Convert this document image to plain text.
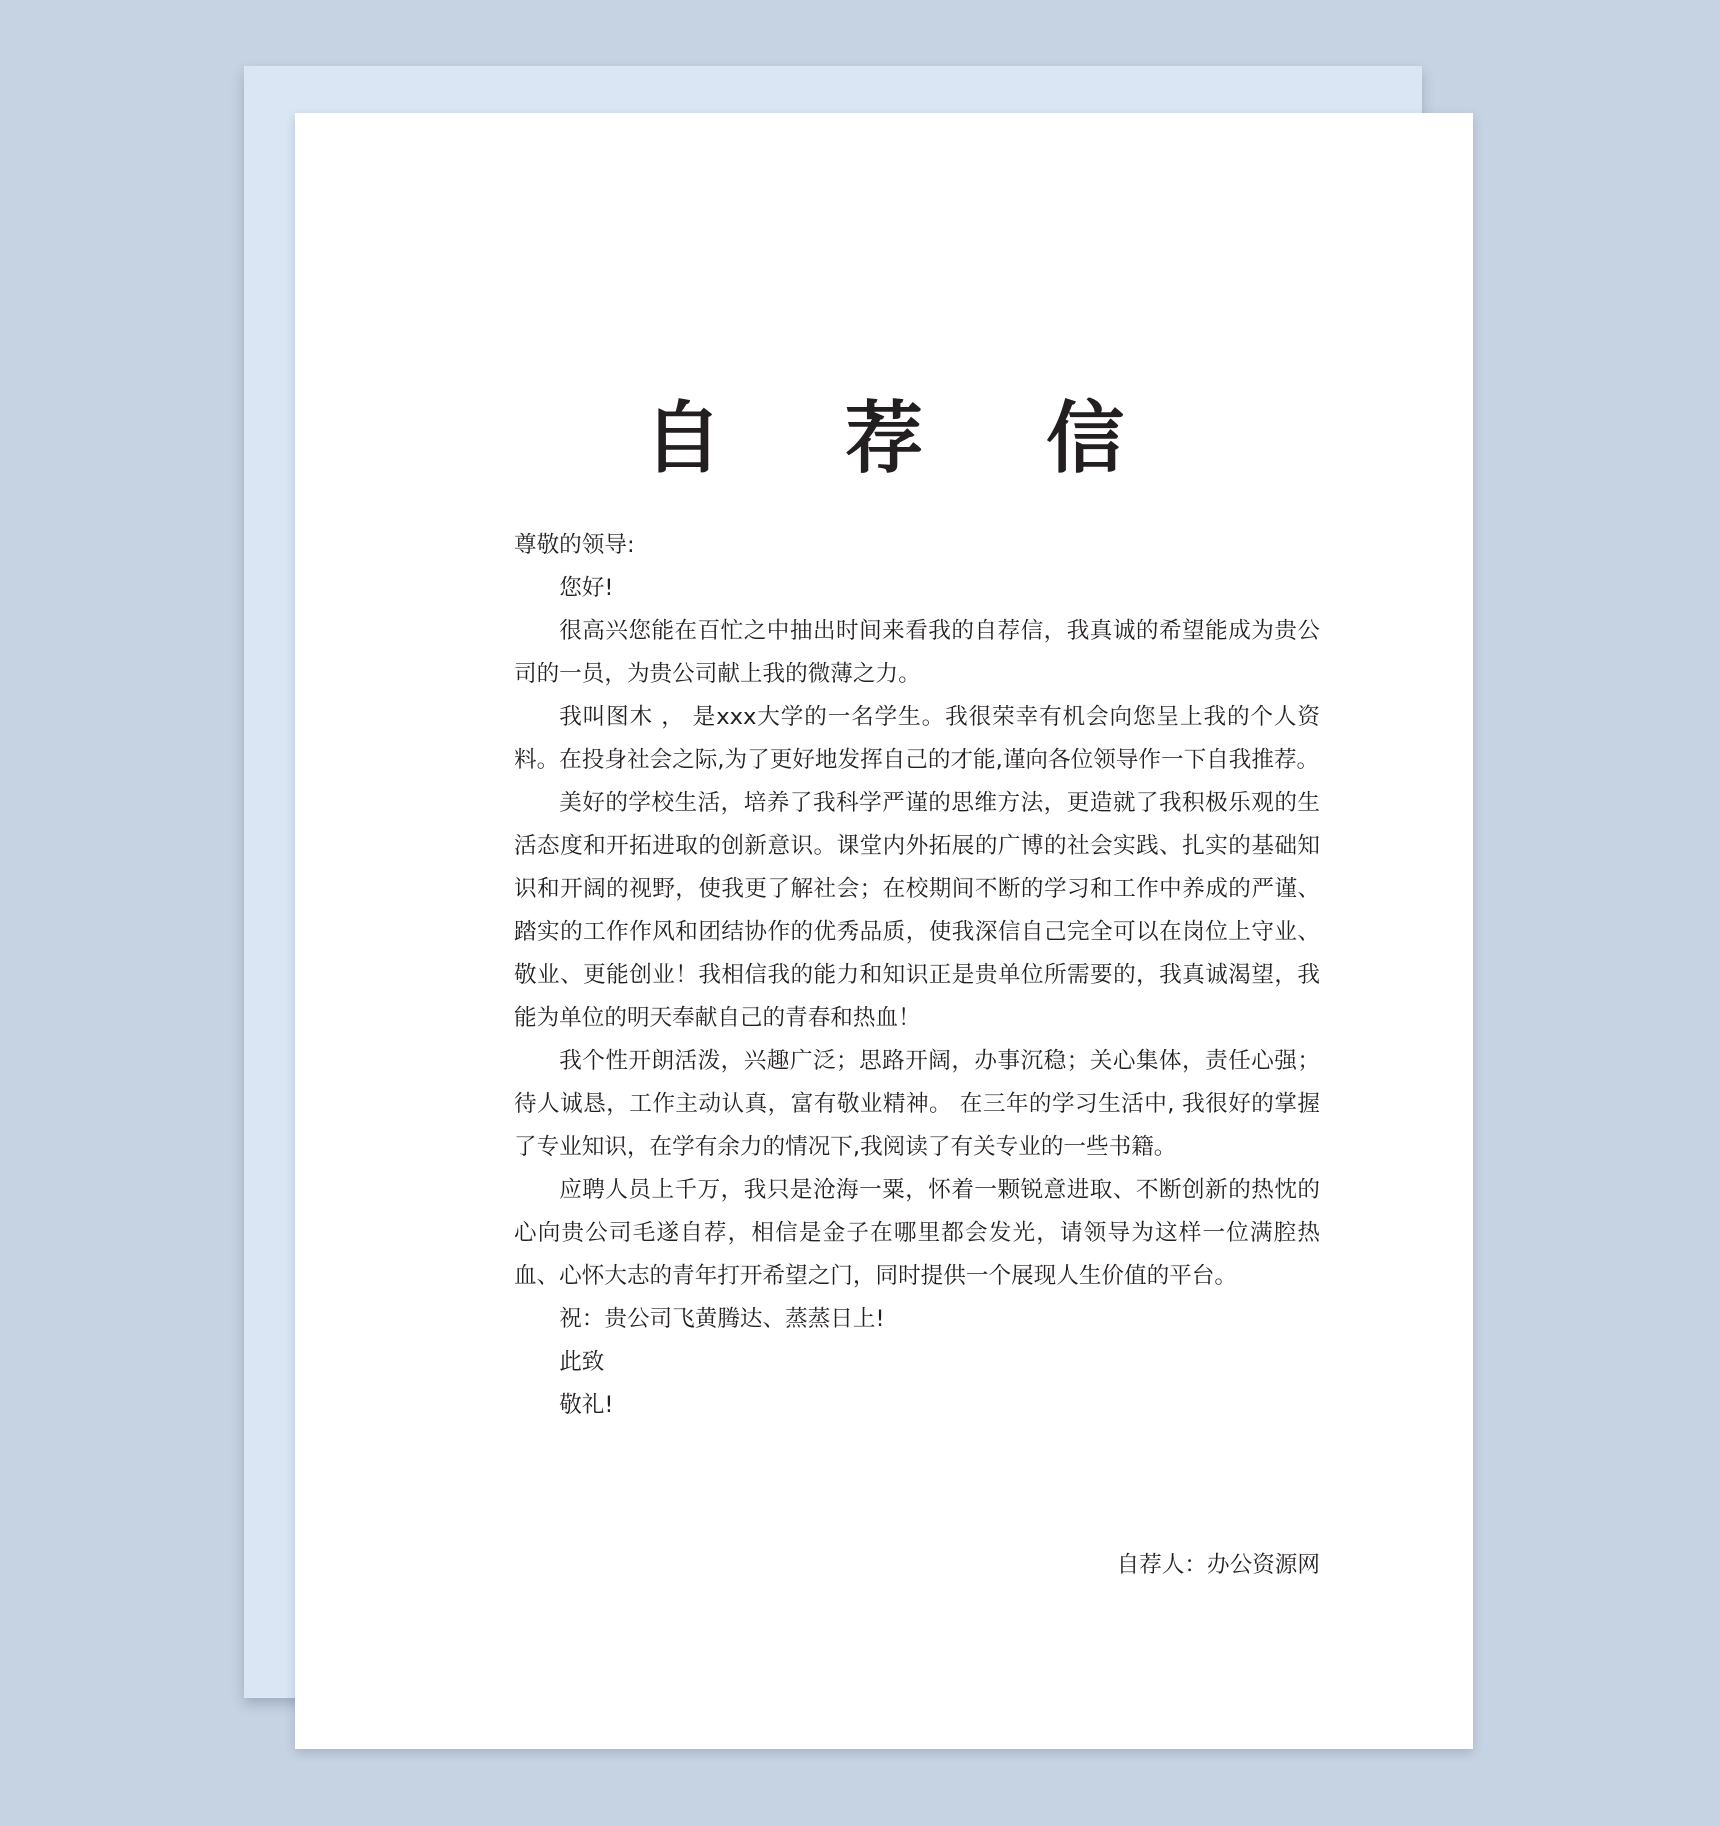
自 荐 信

尊敬的领导:

您好!

很高兴您能在百忙之中抽出时间来看我的自荐信，我真诚的希望能成为贵公司的一员，为贵公司献上我的微薄之力。

我叫图木 ， 是xxx大学的一名学生。我很荣幸有机会向您呈上我的个人资料。在投身社会之际,为了更好地发挥自己的才能,谨向各位领导作一下自我推荐。

美好的学校生活，培养了我科学严谨的思维方法，更造就了我积极乐观的生活态度和开拓进取的创新意识。课堂内外拓展的广博的社会实践、扎实的基础知识和开阔的视野，使我更了解社会；在校期间不断的学习和工作中养成的严谨、踏实的工作作风和团结协作的优秀品质，使我深信自己完全可以在岗位上守业、敬业、更能创业！我相信我的能力和知识正是贵单位所需要的，我真诚渴望，我能为单位的明天奉献自己的青春和热血！

我个性开朗活泼，兴趣广泛；思路开阔，办事沉稳；关心集体，责任心强；待人诚恳，工作主动认真，富有敬业精神。 在三年的学习生活中, 我很好的掌握了专业知识，在学有余力的情况下,我阅读了有关专业的一些书籍。

应聘人员上千万，我只是沧海一粟，怀着一颗锐意进取、不断创新的热忱的心向贵公司毛遂自荐，相信是金子在哪里都会发光，请领导为这样一位满腔热血、心怀大志的青年打开希望之门，同时提供一个展现人生价值的平台。

祝：贵公司飞黄腾达、蒸蒸日上!

此致

敬礼!

自荐人：办公资源网
